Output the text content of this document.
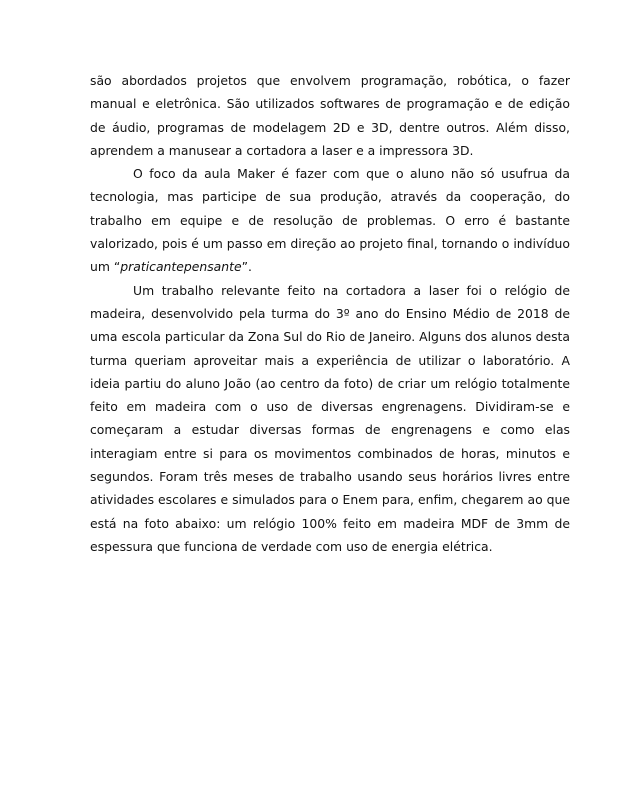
são abordados projetos que envolvem programação, robótica, o fazer manual e eletrônica. São utilizados softwares de programação e de edição de áudio, programas de modelagem 2D e 3D, dentre outros. Além disso, aprendem a manusear a cortadora a laser e a impressora 3D.

O foco da aula Maker é fazer com que o aluno não só usufrua da tecnologia, mas participe de sua produção, através da cooperação, do trabalho em equipe e de resolução de problemas. O erro é bastante valorizado, pois é um passo em direção ao projeto final, tornando o indivíduo um “praticantepensante”.

Um trabalho relevante feito na cortadora a laser foi o relógio de madeira, desenvolvido pela turma do 3º ano do Ensino Médio de 2018 de uma escola particular da Zona Sul do Rio de Janeiro. Alguns dos alunos desta turma queriam aproveitar mais a experiência de utilizar o laboratório. A ideia partiu do aluno João (ao centro da foto) de criar um relógio totalmente feito em madeira com o uso de diversas engrenagens. Dividiram-se e começaram a estudar diversas formas de engrenagens e como elas interagiam entre si para os movimentos combinados de horas, minutos e segundos. Foram três meses de trabalho usando seus horários livres entre atividades escolares e simulados para o Enem para, enfim, chegarem ao que está na foto abaixo: um relógio 100% feito em madeira MDF de 3mm de espessura que funciona de verdade com uso de energia elétrica.
